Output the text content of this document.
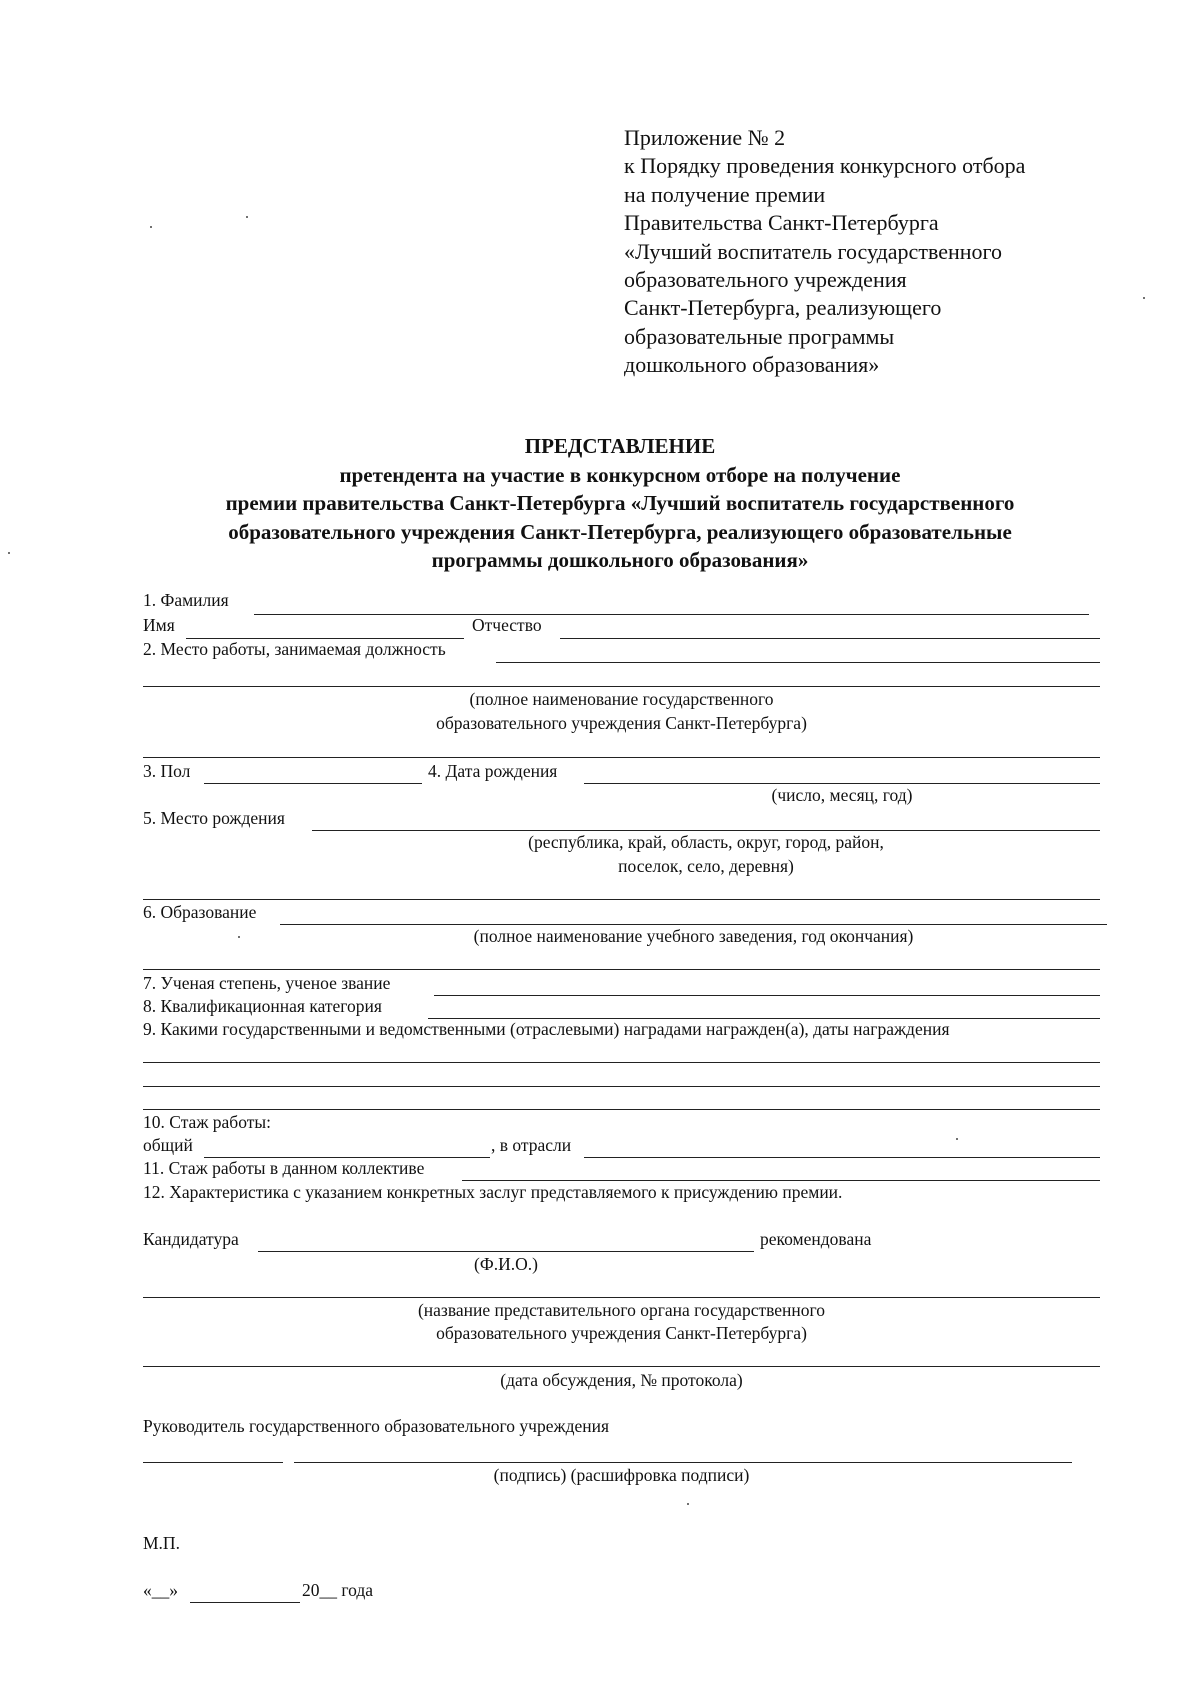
Приложение № 2
к Порядку проведения конкурсного отбора
на получение премии
Правительства Санкт-Петербурга
«Лучший воспитатель государственного
образовательного учреждения
Санкт-Петербурга, реализующего
образовательные программы
дошкольного образования»
ПРЕДСТАВЛЕНИЕ
претендента на участие в конкурсном отборе на получение
премии правительства Санкт-Петербурга «Лучший воспитатель государственного
образовательного учреждения Санкт-Петербурга, реализующего образовательные
программы дошкольного образования»
1. Фамилия
Имя	Отчество
2. Место работы, занимаемая должность
(полное наименование государственного
образовательного учреждения Санкт-Петербурга)
3. Пол	4. Дата рождения
(число, месяц, год)
5. Место рождения
(республика, край, область, округ, город, район,
поселок, село, деревня)
6. Образование
(полное наименование учебного заведения, год окончания)
7. Ученая степень, ученое звание
8. Квалификационная категория
9. Какими государственными и ведомственными (отраслевыми) наградами награжден(а), даты награждения
10. Стаж работы:
общий	, в отрасли
11. Стаж работы в данном коллективе
12. Характеристика с указанием конкретных заслуг представляемого к присуждению премии.
Кандидатура	рекомендована
(Ф.И.О.)
(название представительного органа государственного
образовательного учреждения Санкт-Петербурга)
(дата обсуждения, № протокола)
Руководитель государственного образовательного учреждения
(подпись) (расшифровка подписи)
М.П.
«__»	20__ года
